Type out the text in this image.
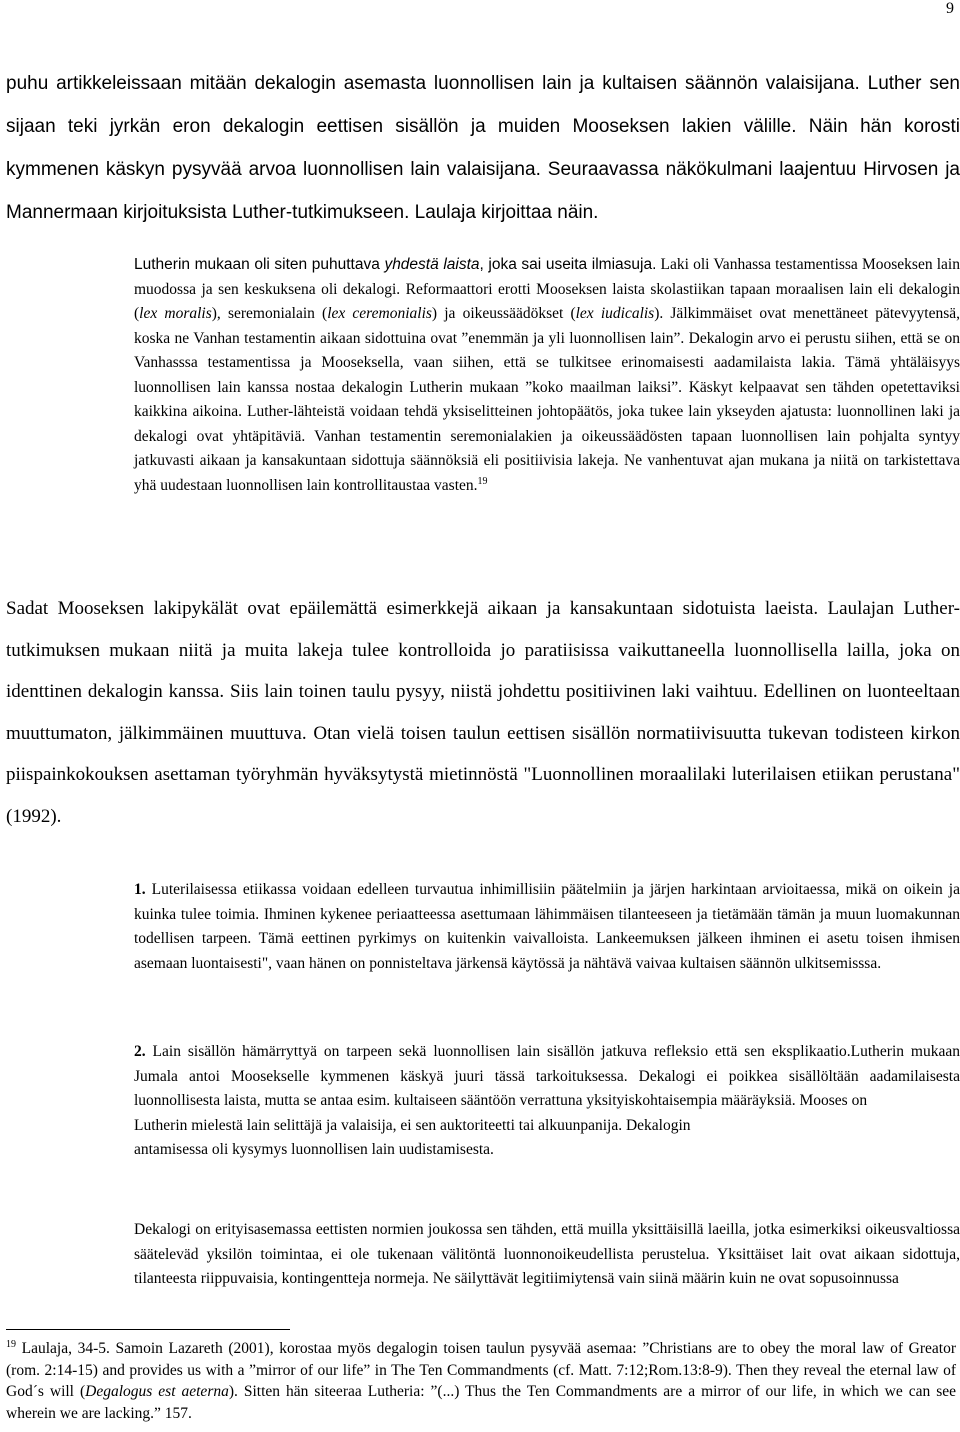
9
puhu artikkeleissaan mitään dekalogin asemasta luonnollisen lain ja kultaisen säännön valaisijana. Luther sen sijaan teki jyrkän eron dekalogin eettisen sisällön ja muiden Mooseksen lakien välille. Näin hän korosti kymmenen käskyn pysyvää arvoa luonnollisen lain valaisijana. Seuraavassa näkökulmani laajentuu Hirvosen ja Mannermaan kirjoituksista Luther-tutkimukseen. Laulaja kirjoittaa näin.
Lutherin mukaan oli siten puhuttava yhdestä laista, joka sai useita ilmiasuja. Laki oli Vanhassa testamentissa Mooseksen lain muodossa ja sen keskuksena oli dekalogi. Reformaattori erotti Mooseksen laista skolastiikan tapaan moraalisen lain eli dekalogin (lex moralis), seremonialain (lex ceremonialis) ja oikeussäädökset (lex iudicalis). Jälkimmäiset ovat menettäneet pätevyytensä, koska ne Vanhan testamentin aikaan sidottuina ovat ”enemmän ja yli luonnollisen lain”. Dekalogin arvo ei perustu siihen, että se on Vanhasssa testamentissa ja Mooseksella, vaan siihen, että se tulkitsee erinomaisesti aadamilaista lakia. Tämä yhtäläisyys luonnollisen lain kanssa nostaa dekalogin Lutherin mukaan ”koko maailman laiksi”. Käskyt kelpaavat sen tähden opetettaviksi kaikkina aikoina. Luther-lähteistä voidaan tehdä yksiselitteinen johtopäätös, joka tukee lain ykseyden ajatusta: luonnollinen laki ja dekalogi ovat yhtäpitäviä. Vanhan testamentin seremonialakien ja oikeussäädösten tapaan luonnollisen lain pohjalta syntyy jatkuvasti aikaan ja kansakuntaan sidottuja säännöksiä eli positiivisia lakeja. Ne vanhentuvat ajan mukana ja niitä on tarkistettava yhä uudestaan luonnollisen lain kontrollitaustaa vasten.$^{19}$
Sadat Mooseksen lakipykälät ovat epäilemättä esimerkkejä aikaan ja kansakuntaan sidotuista laeista. Laulajan Luther-tutkimuksen mukaan niitä ja muita lakeja tulee kontrolloida jo paratiisissa vaikuttaneella luonnollisella lailla, joka on identtinen dekalogin kanssa. Siis lain toinen taulu pysyy, niistä johdettu positiivinen laki vaihtuu. Edellinen on luonteeltaan muuttumaton, jälkimmäinen muuttuva. Otan vielä toisen taulun eettisen sisällön normatiivisuutta tukevan todisteen kirkon piispainkokouksen asettaman työryhmän hyväksytystä mietinnöstä "Luonnollinen moraalilaki luterilaisen etiikan perustana" (1992).
1. Luterilaisessa etiikassa voidaan edelleen turvautua inhimillisiin päätelmiin ja järjen harkintaan arvioitaessa, mikä on oikein ja kuinka tulee toimia. Ihminen kykenee periaatteessa asettumaan lähimmäisen tilanteeseen ja tietämään tämän ja muun luomakunnan todellisen tarpeen. Tämä eettinen pyrkimys on kuitenkin vaivalloista. Lankeemuksen jälkeen ihminen ei asetu toisen ihmisen asemaan luontaisesti", vaan hänen on ponnisteltava järkensä käytössä ja nähtävä vaivaa kultaisen säännön ulkitsemisssa.
2. Lain sisällön hämärryttyä on tarpeen sekä luonnollisen lain sisällön jatkuva refleksio että sen eksplikaatio.Lutherin mukaan Jumala antoi Moosekselle kymmenen käskyä juuri tässä tarkoituksessa. Dekalogi ei poikkea sisällöltään aadamilaisesta luonnollisesta laista, mutta se antaa esim. kultaiseen sääntöön verrattuna yksityiskohtaisempia määräyksiä. Mooses on
Lutherin mielestä lain selittäjä ja valaisija, ei sen auktoriteetti tai alkuunpanija. Dekalogin
antamisessa oli kysymys luonnollisen lain uudistamisesta.
Dekalogi on erityisasemassa eettisten normien joukossa sen tähden, että muilla yksittäisillä laeilla, jotka esimerkiksi oikeusvaltiossa sääteleväd yksilön toimintaa, ei ole tukenaan välitöntä luonnonoikeudellista perustelua. Yksittäiset lait ovat aikaan sidottuja, tilanteesta riippuvaisia, kontingentteja normeja. Ne säilyttävät legitiimiytensä vain siinä määrin kuin ne ovat sopusoinnussa
$^{19}$ Laulaja, 34-5. Samoin Lazareth (2001), korostaa myös degalogin toisen taulun pysyvää asemaa: ”Christians are to obey the moral law of Greator (rom. 2:14-15) and provides us with a ”mirror of our life” in The Ten Commandments (cf. Matt. 7:12;Rom.13:8-9). Then they reveal the eternal law of God´s will (Degalogus est aeterna). Sitten hän siteeraa Lutheria: ”(...) Thus the Ten Commandments are a mirror of our life, in which we can see wherein we are lacking.” 157.
